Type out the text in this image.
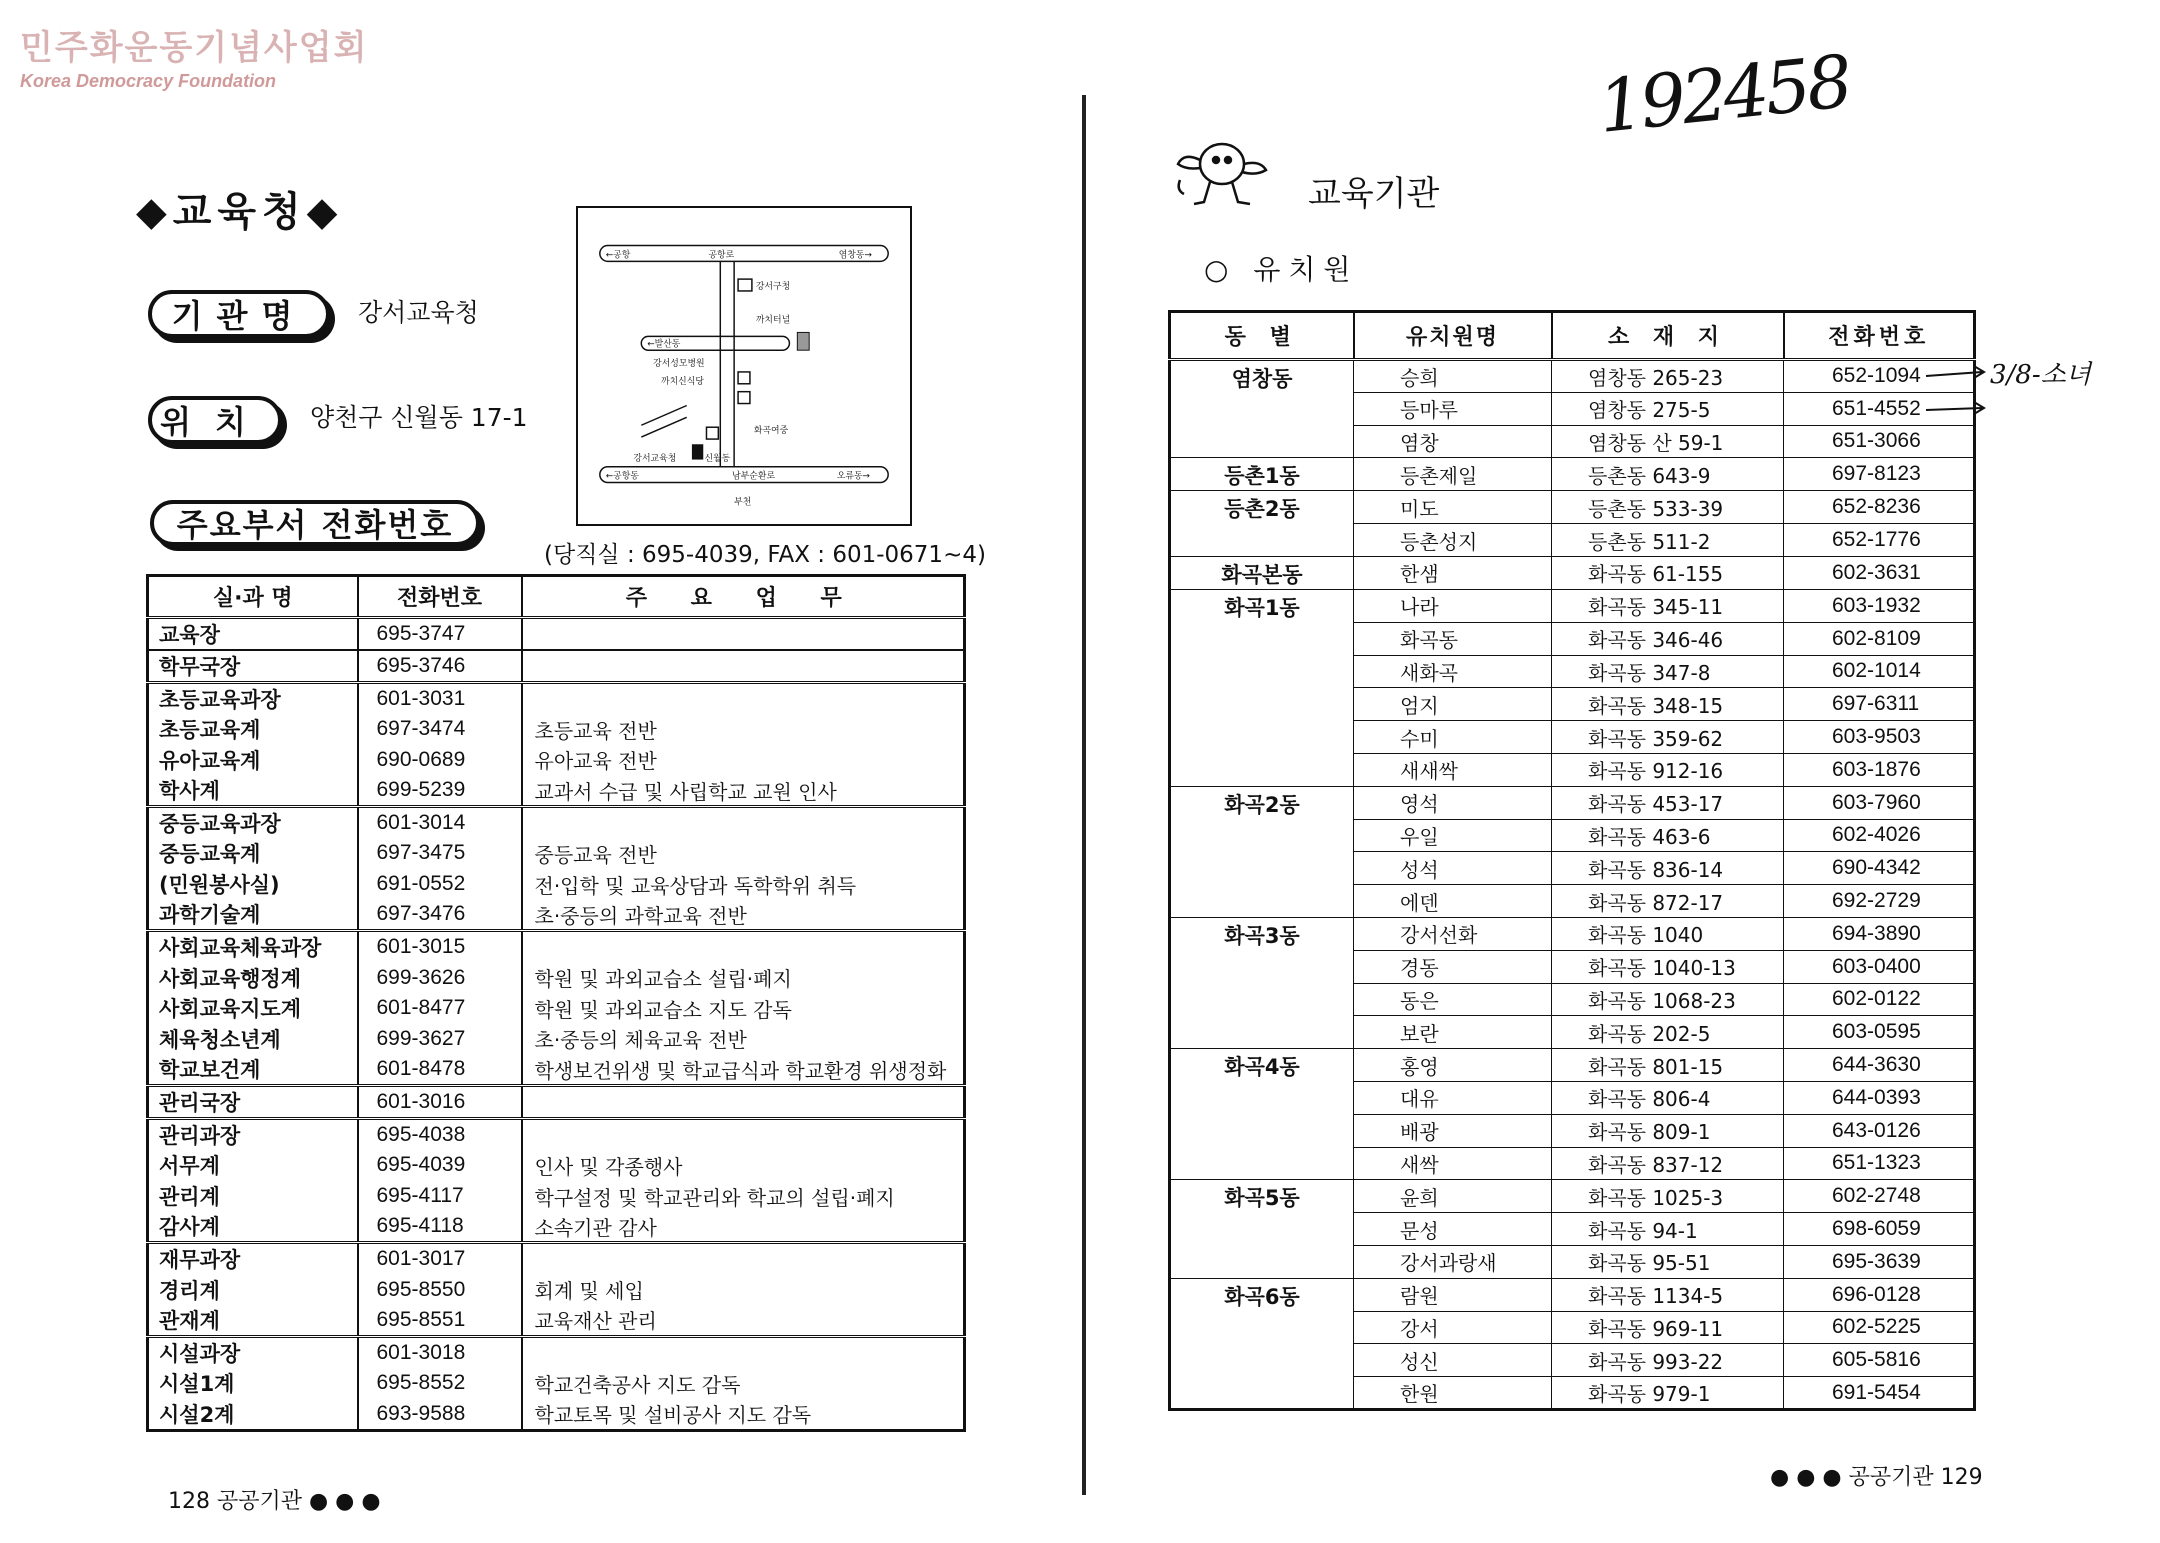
민주화운동기념사업회
Korea Democracy Foundation	192458
◆교육청◆
기관명	강서교육청
위치	양천구 신월동 17-1
주요부서 전화번호
(당직실 : 695-4039, FAX : 601-0671~4)
←공항	공항로	염창동→
강서구청
까치터널
←발산동
강서성모병원
까치신식당
화곡여중
강서교육청	신월동
←공항동	남부순환로	오류동→
부천
실·과 명	전화번호	주 요 업 무
교육장	695-3747	
학무국장	695-3746	
초등교육과장	601-3031	
초등교육계	697-3474	초등교육 전반
유아교육계	690-0689	유아교육 전반
학사계	699-5239	교과서 수급 및 사립학교 교원 인사
중등교육과장	601-3014	
중등교육계	697-3475	중등교육 전반
(민원봉사실)	691-0552	전·입학 및 교육상담과 독학학위 취득
과학기술계	697-3476	초·중등의 과학교육 전반
사회교육체육과장	601-3015	
사회교육행정계	699-3626	학원 및 과외교습소 설립·폐지
사회교육지도계	601-8477	학원 및 과외교습소 지도 감독
체육청소년계	699-3627	초·중등의 체육교육 전반
학교보건계	601-8478	학생보건위생 및 학교급식과 학교환경 위생정화
관리국장	601-3016	
관리과장	695-4038	
서무계	695-4039	인사 및 각종행사
관리계	695-4117	학구설정 및 학교관리와 학교의 설립·폐지
감사계	695-4118	소속기관 감사
재무과장	601-3017	
경리계	695-8550	회계 및 세입
관재계	695-8551	교육재산 관리
시설과장	601-3018	
시설1계	695-8552	학교건축공사 지도 감독
시설2계	693-9588	학교토목 및 설비공사 지도 감독
128 공공기관 ● ● ●
교육기관
○ 유치원
동 별	유치원명	소 재 지	전화번호
염창동	승희	염창동 265-23	652-1094
	등마루	염창동 275-5	651-4552
	염창	염창동 산 59-1	651-3066
등촌1동	등촌제일	등촌동 643-9	697-8123
등촌2동	미도	등촌동 533-39	652-8236
	등촌성지	등촌동 511-2	652-1776
화곡본동	한샘	화곡동 61-155	602-3631
화곡1동	나라	화곡동 345-11	603-1932
	화곡동	화곡동 346-46	602-8109
	새화곡	화곡동 347-8	602-1014
	엄지	화곡동 348-15	697-6311
	수미	화곡동 359-62	603-9503
	새새싹	화곡동 912-16	603-1876
화곡2동	영석	화곡동 453-17	603-7960
	우일	화곡동 463-6	602-4026
	성석	화곡동 836-14	690-4342
	에덴	화곡동 872-17	692-2729
화곡3동	강서선화	화곡동 1040	694-3890
	경동	화곡동 1040-13	603-0400
	동은	화곡동 1068-23	602-0122
	보란	화곡동 202-5	603-0595
화곡4동	홍영	화곡동 801-15	644-3630
	대유	화곡동 806-4	644-0393
	배광	화곡동 809-1	643-0126
	새싹	화곡동 837-12	651-1323
화곡5동	윤희	화곡동 1025-3	602-2748
	문성	화곡동 94-1	698-6059
	강서과랑새	화곡동 95-51	695-3639
화곡6동	람원	화곡동 1134-5	696-0128
	강서	화곡동 969-11	602-5225
	성신	화곡동 993-22	605-5816
	한원	화곡동 979-1	691-5454
3/8-소녀
● ● ● 공공기관 129
